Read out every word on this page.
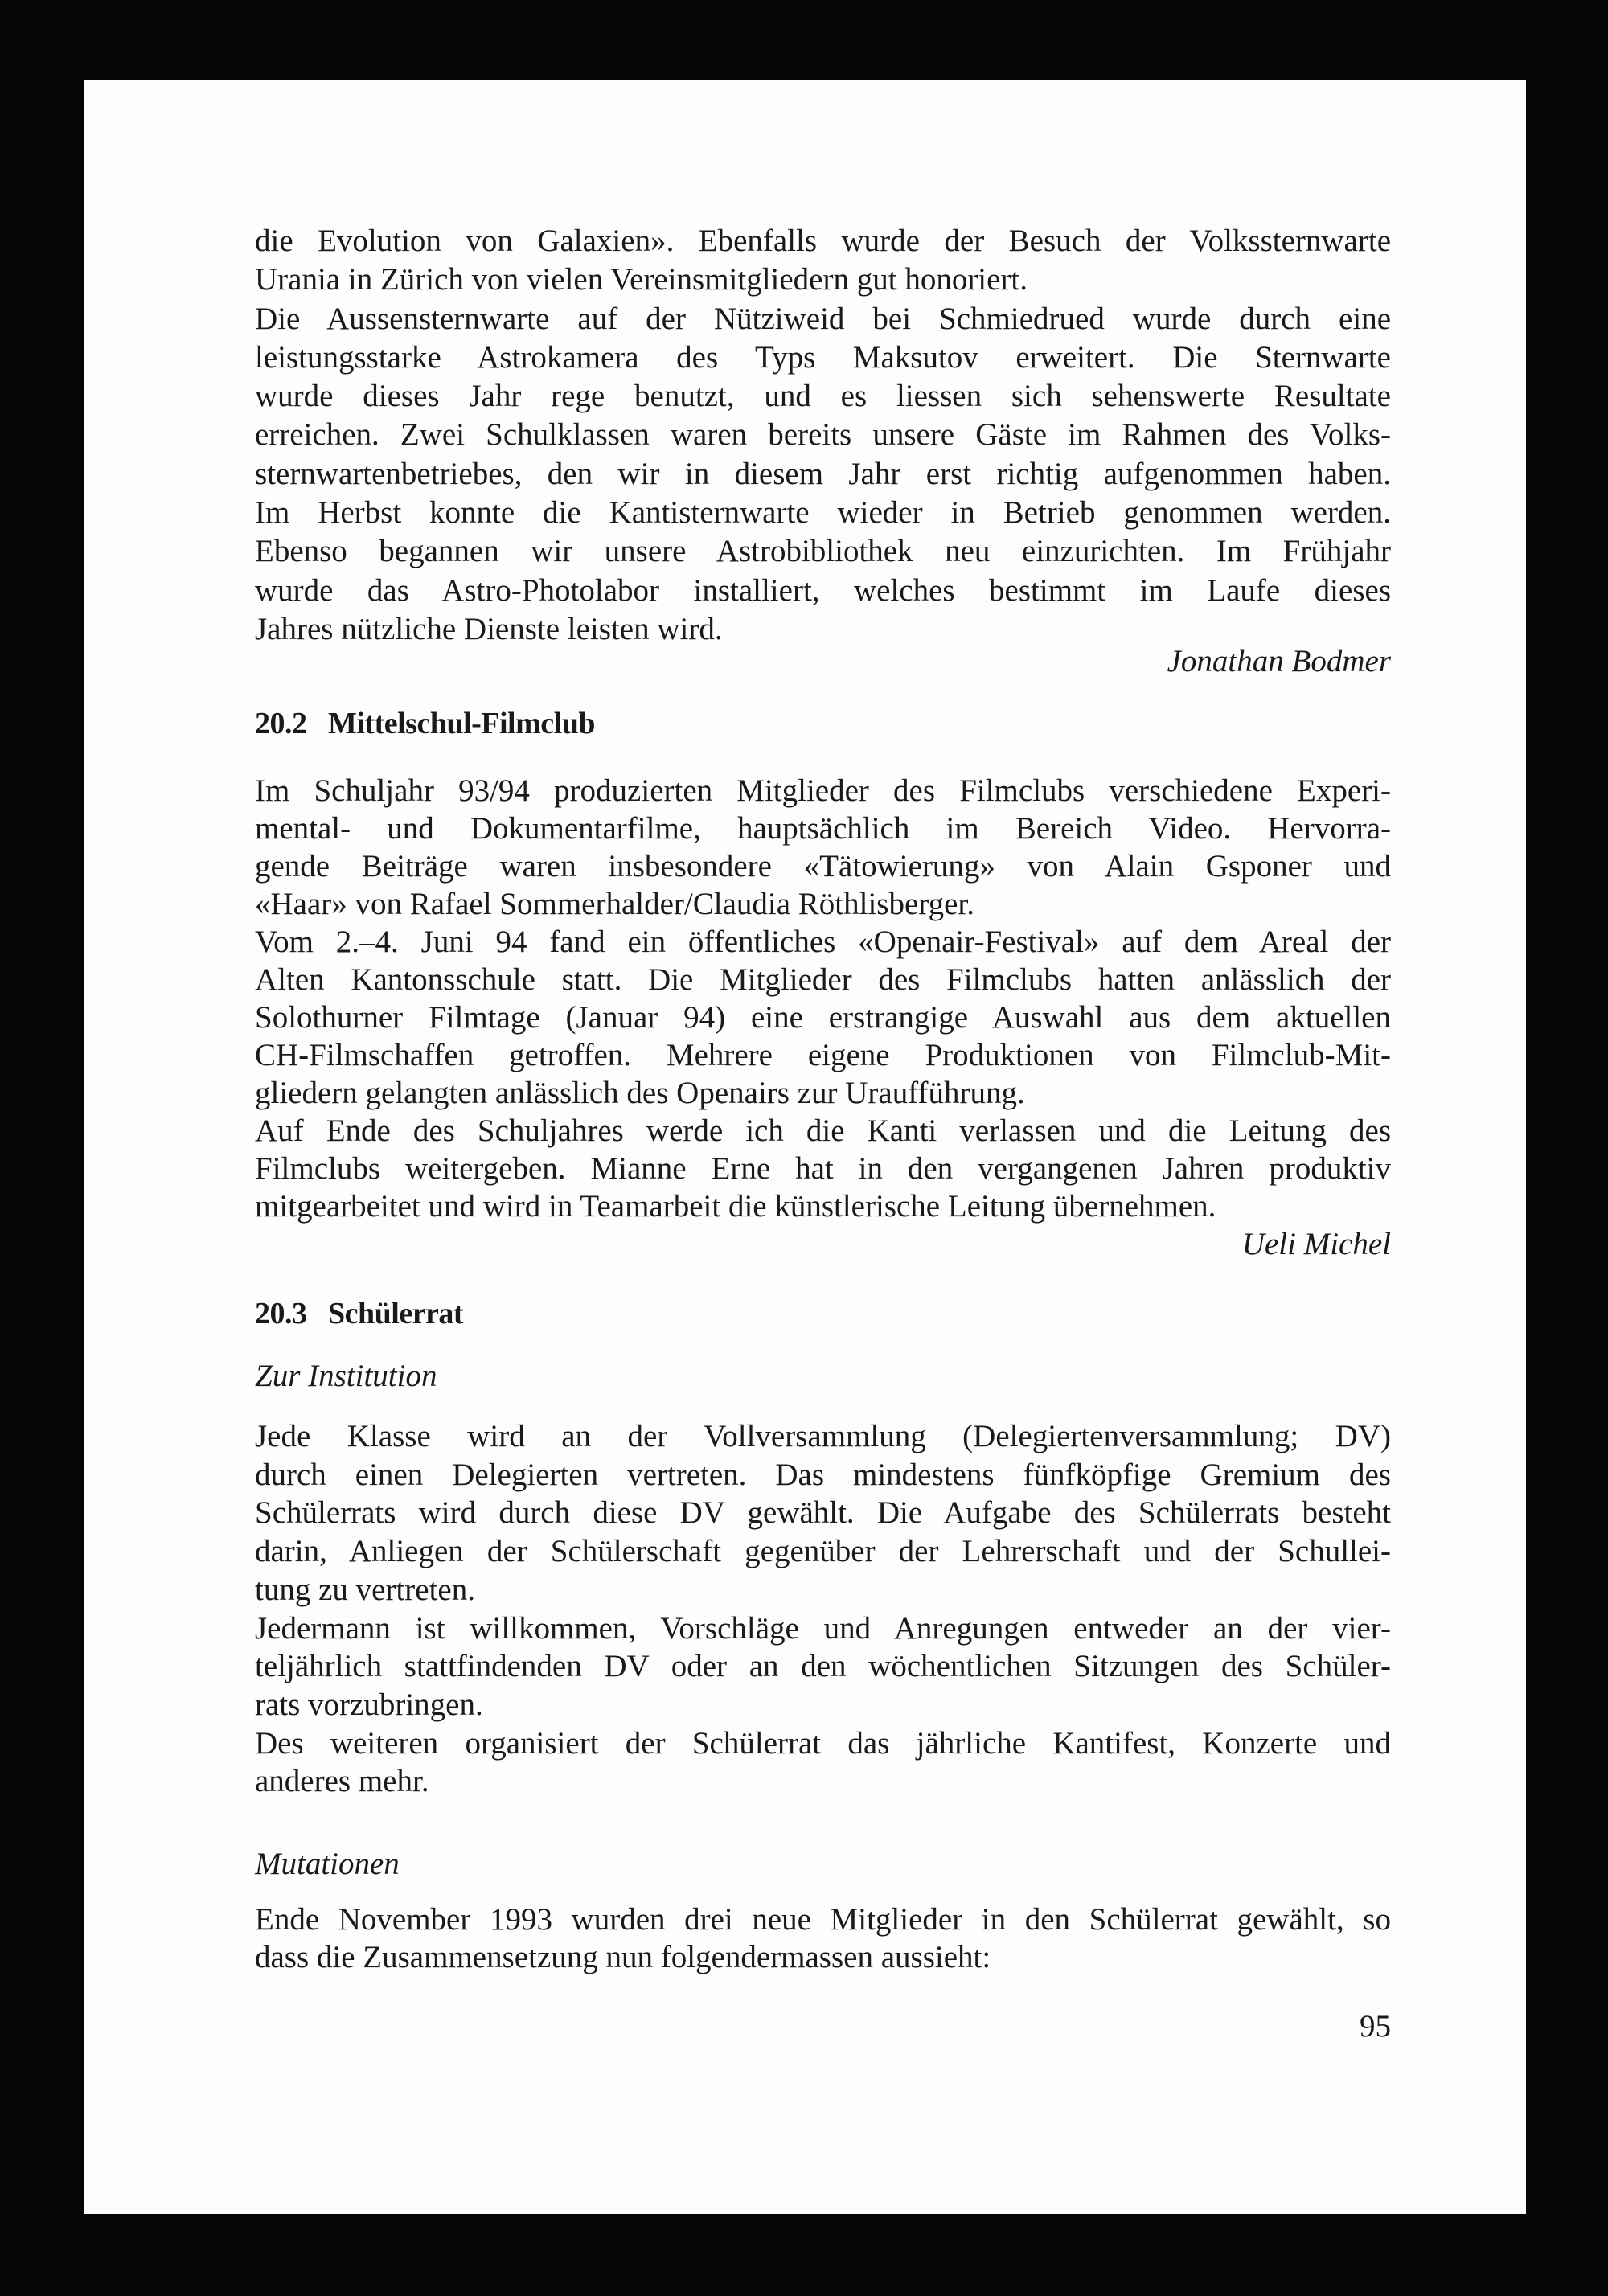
die Evolution von Galaxien». Ebenfalls wurde der Besuch der Volkssternwarte
Urania in Zürich von vielen Vereinsmitgliedern gut honoriert.
Die Aussensternwarte auf der Nütziweid bei Schmiedrued wurde durch eine
leistungsstarke Astrokamera des Typs Maksutov erweitert. Die Sternwarte
wurde dieses Jahr rege benutzt, und es liessen sich sehenswerte Resultate
erreichen. Zwei Schulklassen waren bereits unsere Gäste im Rahmen des Volks-
sternwartenbetriebes, den wir in diesem Jahr erst richtig aufgenommen haben.
Im Herbst konnte die Kantisternwarte wieder in Betrieb genommen werden.
Ebenso begannen wir unsere Astrobibliothek neu einzurichten. Im Frühjahr
wurde das Astro-Photolabor installiert, welches bestimmt im Laufe dieses
Jahres nützliche Dienste leisten wird.
Jonathan Bodmer
20.2 Mittelschul-Filmclub
Im Schuljahr 93/94 produzierten Mitglieder des Filmclubs verschiedene Experi-
mental- und Dokumentarfilme, hauptsächlich im Bereich Video. Hervorra-
gende Beiträge waren insbesondere «Tätowierung» von Alain Gsponer und
«Haar» von Rafael Sommerhalder/Claudia Röthlisberger.
Vom 2.–4. Juni 94 fand ein öffentliches «Openair-Festival» auf dem Areal der
Alten Kantonsschule statt. Die Mitglieder des Filmclubs hatten anlässlich der
Solothurner Filmtage (Januar 94) eine erstrangige Auswahl aus dem aktuellen
CH-Filmschaffen getroffen. Mehrere eigene Produktionen von Filmclub-Mit-
gliedern gelangten anlässlich des Openairs zur Uraufführung.
Auf Ende des Schuljahres werde ich die Kanti verlassen und die Leitung des
Filmclubs weitergeben. Mianne Erne hat in den vergangenen Jahren produktiv
mitgearbeitet und wird in Teamarbeit die künstlerische Leitung übernehmen.
Ueli Michel
20.3 Schülerrat
Zur Institution
Jede Klasse wird an der Vollversammlung (Delegiertenversammlung; DV)
durch einen Delegierten vertreten. Das mindestens fünfköpfige Gremium des
Schülerrats wird durch diese DV gewählt. Die Aufgabe des Schülerrats besteht
darin, Anliegen der Schülerschaft gegenüber der Lehrerschaft und der Schullei-
tung zu vertreten.
Jedermann ist willkommen, Vorschläge und Anregungen entweder an der vier-
teljährlich stattfindenden DV oder an den wöchentlichen Sitzungen des Schüler-
rats vorzubringen.
Des weiteren organisiert der Schülerrat das jährliche Kantifest, Konzerte und
anderes mehr.
Mutationen
Ende November 1993 wurden drei neue Mitglieder in den Schülerrat gewählt, so
dass die Zusammensetzung nun folgendermassen aussieht:
95
